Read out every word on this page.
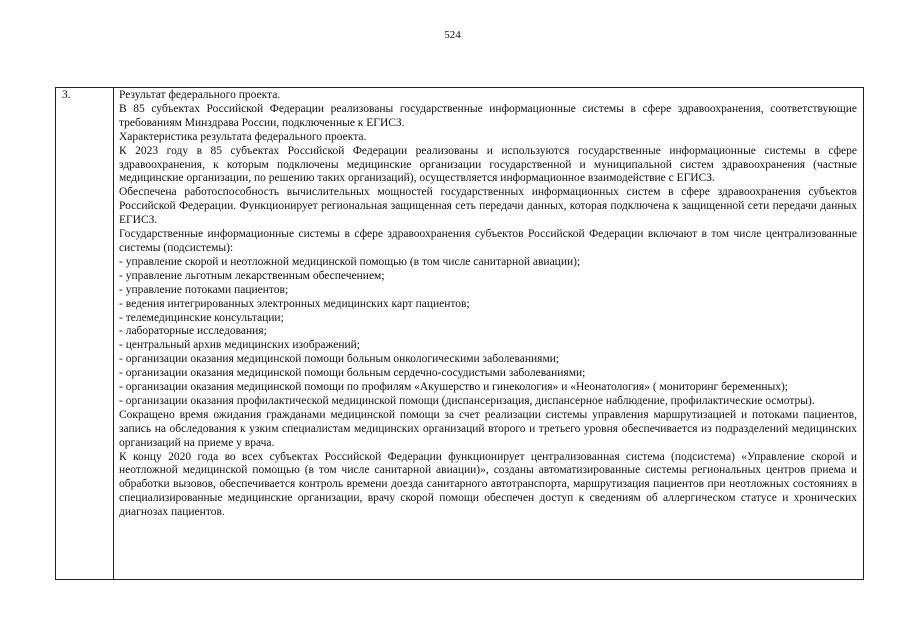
524
3.	Результат федерального проекта.

В 85 субъектах Российской Федерации реализованы государственные информационные системы в сфере здравоохранения, соответствующие требованиям Минздрава России, подключенные к ЕГИСЗ.

Характеристика результата федерального проекта.

К 2023 году в 85 субъектах Российской Федерации реализованы и используются государственные информационные системы в сфере здравоохранения, к которым подключены медицинские организации государственной и муниципальной систем здравоохранения (частные медицинские организации, по решению таких организаций), осуществляется информационное взаимодействие с ЕГИСЗ.

Обеспечена работоспособность вычислительных мощностей государственных информационных систем в сфере здравоохранения субъектов Российской Федерации. Функционирует региональная защищенная сеть передачи данных, которая подключена к защищенной сети передачи данных ЕГИСЗ.

Государственные информационные системы в сфере здравоохранения субъектов Российской Федерации включают в том числе централизованные системы (подсистемы):

- управление скорой и неотложной медицинской помощью (в том числе санитарной авиации);

- управление льготным лекарственным обеспечением;

- управление потоками пациентов;

- ведения интегрированных электронных медицинских карт пациентов;

- телемедицинские консультации;

- лабораторные исследования;

- центральный архив медицинских изображений;

- организации оказания медицинской помощи больным онкологическими заболеваниями;

- организации оказания медицинской помощи больным сердечно-сосудистыми заболеваниями;

- организации оказания медицинской помощи по профилям «Акушерство и гинекология» и «Неонатология» ( мониторинг беременных);

- организации оказания профилактической медицинской помощи (диспансеризация, диспансерное наблюдение, профилактические осмотры).

Сокращено время ожидания гражданами медицинской помощи за счет реализации системы управления маршрутизацией и потоками пациентов, запись на обследования к узким специалистам медицинских организаций второго и третьего уровня обеспечивается из подразделений медицинских организаций на приеме у врача.

К концу 2020 года во всех субъектах Российской Федерации функционирует централизованная система (подсистема) «Управление скорой и неотложной медицинской помощью (в том числе санитарной авиации)», созданы автоматизированные системы региональных центров приема и обработки вызовов, обеспечивается контроль времени доезда санитарного автотранспорта, маршрутизация пациентов при неотложных состояниях в специализированные медицинские организации, врачу скорой помощи обеспечен доступ к сведениям об аллергическом статусе и хронических диагнозах пациентов.
